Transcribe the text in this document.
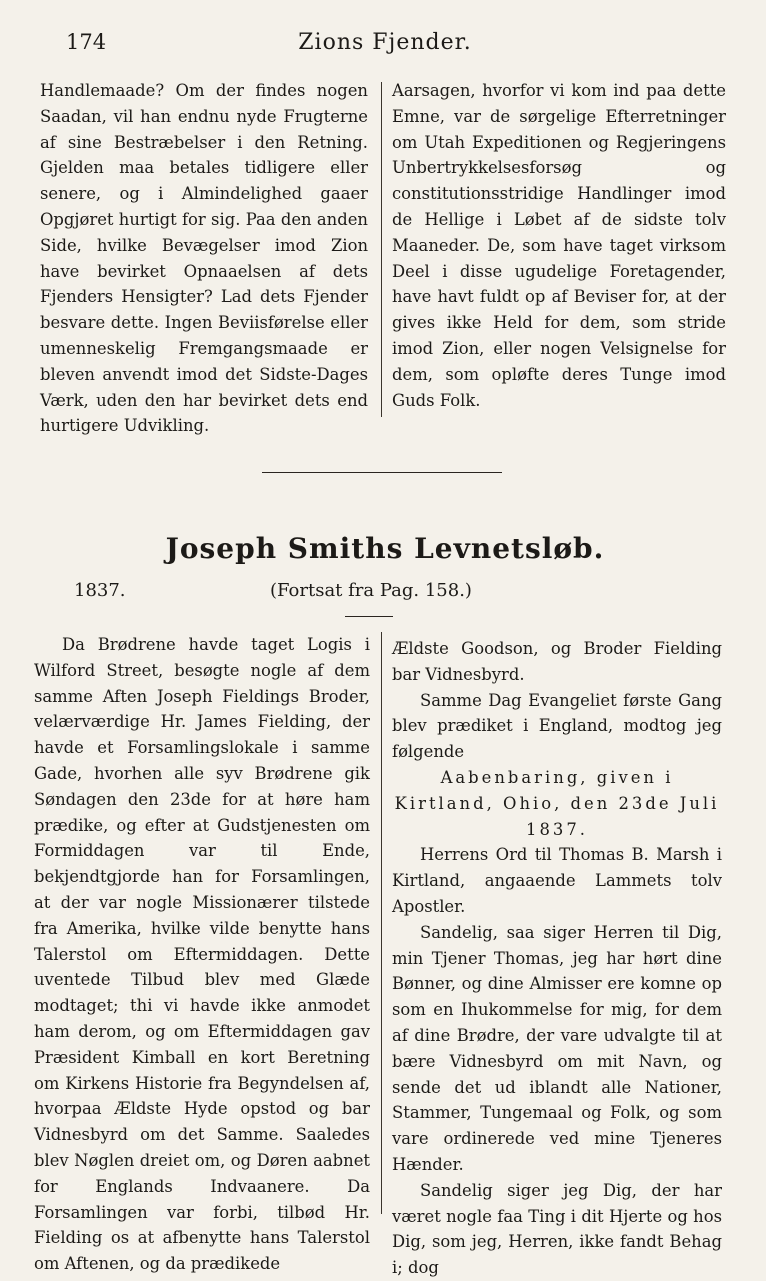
174	Zions Fjender.

Handlemaade? Om der findes nogen Saadan, vil han endnu nyde Frugterne af sine Bestræbelser i den Retning. Gjelden maa betales tidligere eller senere, og i Almindelighed gaaer Opgjøret hurtigt for sig. Paa den anden Side, hvilke Bevægelser imod Zion have bevirket Opnaaelsen af dets Fjenders Hensigter? Lad dets Fjender besvare dette. Ingen Beviisførelse eller umenneskelig Fremgangsmaade er bleven anvendt imod det Sidste-Dages Værk, uden den har bevirket dets end hurtigere Udvikling.

Aarsagen, hvorfor vi kom ind paa dette Emne, var de sørgelige Efterretninger om Utah Expeditionen og Regjeringens Unbertrykkelsesforsøg og constitutionsstridige Handlinger imod de Hellige i Løbet af de sidste tolv Maaneder. De, som have taget virksom Deel i disse ugudelige Foretagender, have havt fuldt op af Beviser for, at der gives ikke Held for dem, som stride imod Zion, eller nogen Velsignelse for dem, som opløfte deres Tunge imod Guds Folk.

Joseph Smiths Levnetsløb.
1837.	(Fortsat fra Pag. 158.)

Da Brødrene havde taget Logis i Wilford Street, besøgte nogle af dem samme Aften Joseph Fieldings Broder, velærværdige Hr. James Fielding, der havde et Forsamlingslokale i samme Gade, hvorhen alle syv Brødrene gik Søndagen den 23de for at høre ham prædike, og efter at Gudstjenesten om Formiddagen var til Ende, bekjendtgjorde han for Forsamlingen, at der var nogle Missionærer tilstede fra Amerika, hvilke vilde benytte hans Talerstol om Eftermiddagen. Dette uventede Tilbud blev med Glæde modtaget; thi vi havde ikke anmodet ham derom, og om Eftermiddagen gav Præsident Kimball en kort Beretning om Kirkens Historie fra Begyndelsen af, hvorpaa Ældste Hyde opstod og bar Vidnesbyrd om det Samme. Saaledes blev Nøglen dreiet om, og Døren aabnet for Englands Indvaanere. Da Forsamlingen var forbi, tilbød Hr. Fielding os at afbenytte hans Talerstol om Aftenen, og da prædikede

Ældste Goodson, og Broder Fielding bar Vidnesbyrd.

Samme Dag Evangeliet første Gang blev prædiket i England, modtog jeg følgende

Aabenbaring, given i Kirtland, Ohio, den 23de Juli

1837.

Herrens Ord til Thomas B. Marsh i Kirtland, angaaende Lammets tolv Apostler.

Sandelig, saa siger Herren til Dig, min Tjener Thomas, jeg har hørt dine Bønner, og dine Almisser ere komne op som en Ihukommelse for mig, for dem af dine Brødre, der vare udvalgte til at bære Vidnesbyrd om mit Navn, og sende det ud iblandt alle Nationer, Stammer, Tungemaal og Folk, og som vare ordinerede ved mine Tjeneres Hænder.

Sandelig siger jeg Dig, der har været nogle faa Ting i dit Hjerte og hos Dig, som jeg, Herren, ikke fandt Behag i; dog
